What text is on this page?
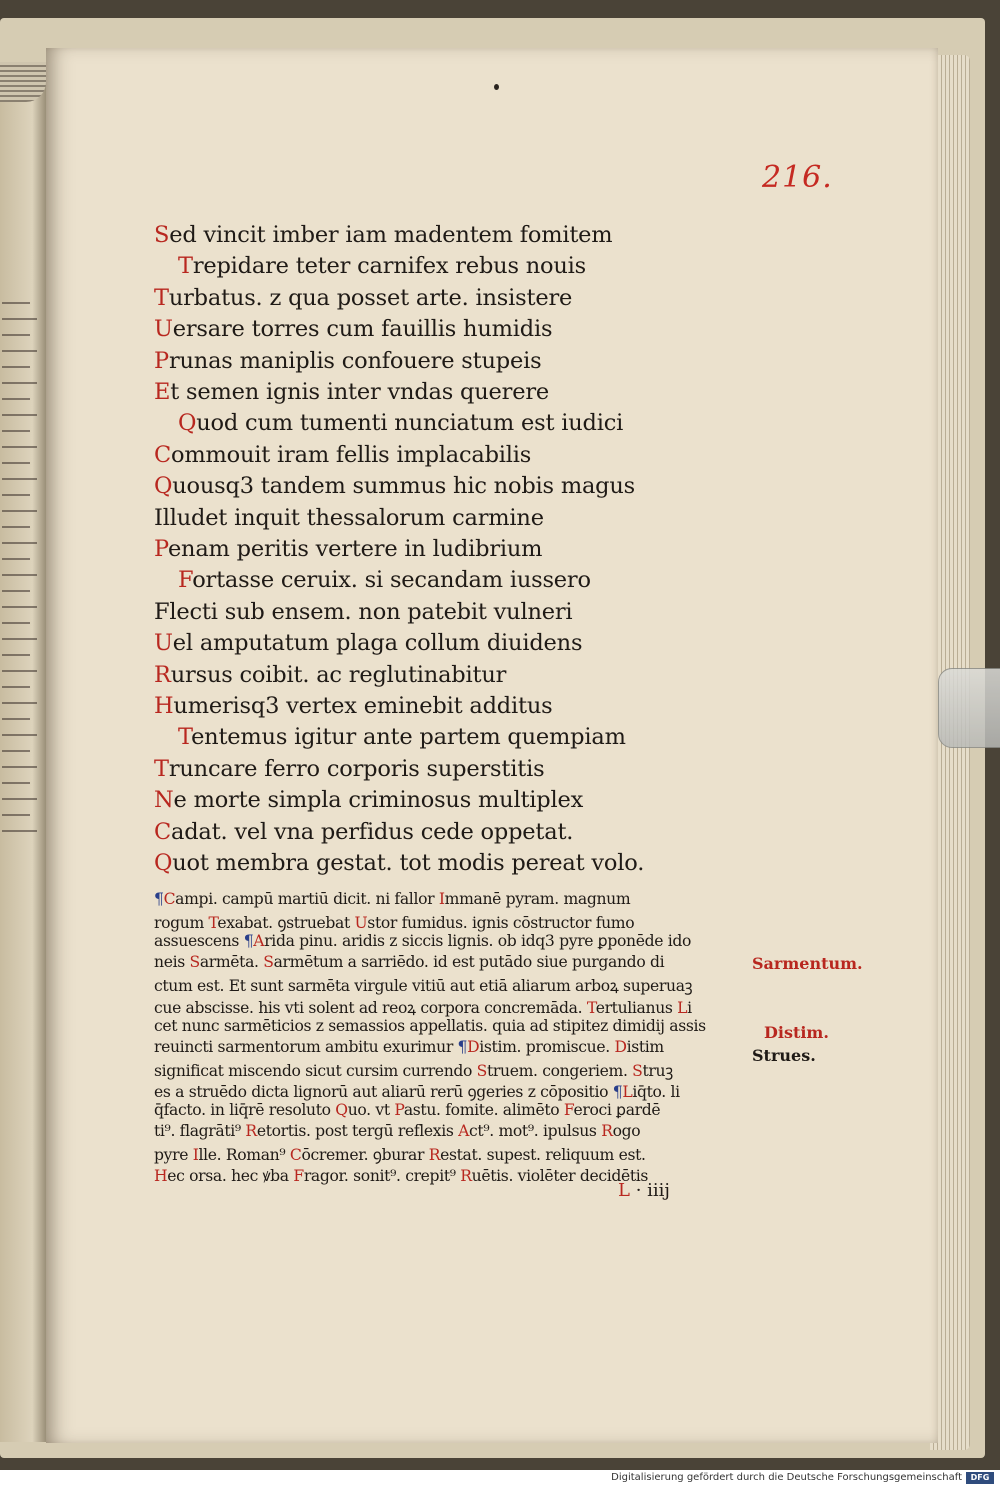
216.
Sed vincit imber iam madentem fomitem
Trepidare teter carnifex rebus nouis
Turbatus. z qua posset arte. insistere
Uersare torres cum fauillis humidis
Prunas maniplis confouere stupeis
Et semen ignis inter vndas querere
Quod cum tumenti nunciatum est iudici
Commouit iram fellis implacabilis
Quousq3 tandem summus hic nobis magus
Illudet inquit thessalorum carmine
Penam peritis vertere in ludibrium
Fortasse ceruix. si secandam iussero
Flecti sub ensem. non patebit vulneri
Uel amputatum plaga collum diuidens
Rursus coibit. ac reglutinabitur
Humerisq3 vertex eminebit additus
Tentemus igitur ante partem quempiam
Truncare ferro corporis superstitis
Ne morte simpla criminosus multiplex
Cadat. vel vna perfidus cede oppetat.
Quot membra gestat. tot modis pereat volo.
¶Campi. campū martiū dicit. ni fallor Immanē pyram. magnum
rogum Texabat. ꝯstruebat Ustor fumidus. ignis cōstructor fumo
assuescens ¶Arida pinu. aridis z siccis lignis. ob idq3 pyre ꝑponēde ido
neis Sarmēta. Sarmētum a sarriēdo. id est putādo siue purgando di
ctum est. Et sunt sarmēta virgule vitiū aut etiā aliarum arboꝝ superuaꝫ
cue abscisse. his vti solent ad reoꝝ corpora concremāda. Tertulianus Li
cet nunc sarmēticios z semassios appellatis. quia ad stipitez dimidij assis
reuincti sarmentorum ambitu exurimur ¶Distim. promiscue. Distim
significat miscendo sicut cursim currendo Struem. congeriem. Struꝫ
es a struēdo dicta lignorū aut aliarū rerū ꝯgeries z cōpositio ¶Liq̄to. li
q̄facto. in liq̄rē resoluto Quo. vt Pastu. fomite. alimēto Feroci ꝑardē
ti⁹. flagrāti⁹ Retortis. post tergū reflexis Act⁹. mot⁹. ipulsus Rogo
pyre Ille. Roman⁹ Cōcremer. ꝯburar Restat. supest. reliquum est.
Hec orsa. hec ꝟba Fragor. sonit⁹. crepit⁹ Ruētis. violēter decidētis
Sarmentum.
Distim.
Strues.
L · iiij
Digitalisierung gefördert durch die Deutsche Forschungsgemeinschaft	DFG
